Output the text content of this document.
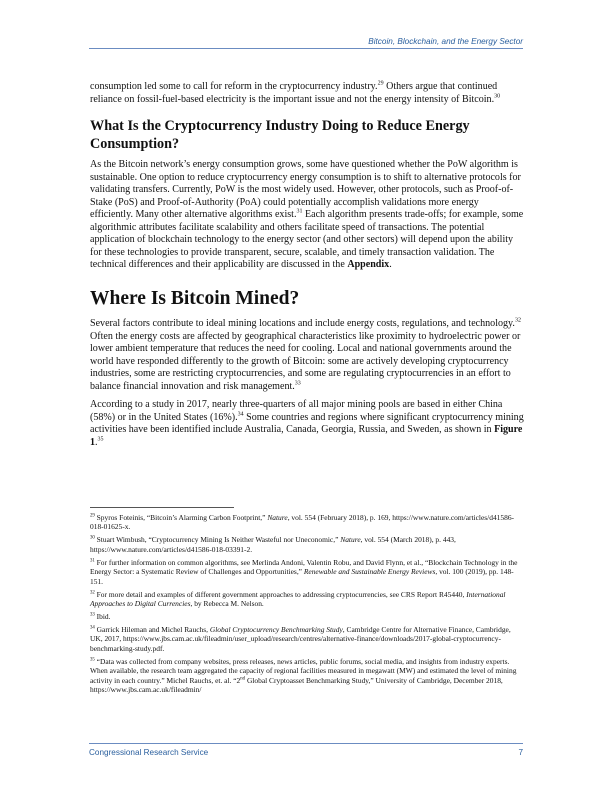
Bitcoin, Blockchain, and the Energy Sector

consumption led some to call for reform in the cryptocurrency industry.$^{29}$ Others argue that continued reliance on fossil-fuel-based electricity is the important issue and not the energy intensity of Bitcoin.$^{30}$

What Is the Cryptocurrency Industry Doing to Reduce Energy Consumption?

As the Bitcoin network’s energy consumption grows, some have questioned whether the PoW algorithm is sustainable. One option to reduce cryptocurrency energy consumption is to shift to alternative protocols for validating transfers. Currently, PoW is the most widely used. However, other protocols, such as Proof-of-Stake (PoS) and Proof-of-Authority (PoA) could potentially accomplish validations more energy efficiently. Many other alternative algorithms exist.$^{31}$ Each algorithm presents trade-offs; for example, some algorithmic attributes facilitate scalability and others facilitate speed of transactions. The potential application of blockchain technology to the energy sector (and other sectors) will depend upon the ability for these technologies to provide transparent, secure, scalable, and timely transaction validation. The technical differences and their applicability are discussed in the Appendix.

Where Is Bitcoin Mined?

Several factors contribute to ideal mining locations and include energy costs, regulations, and technology.$^{32}$ Often the energy costs are affected by geographical characteristics like proximity to hydroelectric power or lower ambient temperature that reduces the need for cooling. Local and national governments around the world have responded differently to the growth of Bitcoin: some are actively developing cryptocurrency industries, some are restricting cryptocurrencies, and some are regulating cryptocurrencies in an effort to balance financial innovation and risk management.$^{33}$

According to a study in 2017, nearly three-quarters of all major mining pools are based in either China (58%) or in the United States (16%).$^{34}$ Some countries and regions where significant cryptocurrency mining activities have been identified include Australia, Canada, Georgia, Russia, and Sweden, as shown in Figure 1.35

$^{29}$ Spyros Foteinis, “Bitcoin’s Alarming Carbon Footprint,” Nature, vol. 554 (February 2018), p. 169, https://www.nature.com/articles/d41586-018-01625-x.

$^{30}$ Stuart Wimbush, “Cryptocurrency Mining Is Neither Wasteful nor Uneconomic,” Nature, vol. 554 (March 2018), p. 443, https://www.nature.com/articles/d41586-018-03391-2.

$^{31}$ For further information on common algorithms, see Merlinda Andoni, Valentin Robu, and David Flynn, et al., “Blockchain Technology in the Energy Sector: a Systematic Review of Challenges and Opportunities,” Renewable and Sustainable Energy Reviews, vol. 100 (2019), pp. 148-151.

$^{32}$ For more detail and examples of different government approaches to addressing cryptocurrencies, see CRS Report R45440, International Approaches to Digital Currencies, by Rebecca M. Nelson.

$^{33}$ Ibid.

$^{34}$ Garrick Hileman and Michel Rauchs, Global Cryptocurrency Benchmarking Study, Cambridge Centre for Alternative Finance, Cambridge, UK, 2017, https://www.jbs.cam.ac.uk/fileadmin/user_upload/research/centres/alternative-finance/downloads/2017-global-cryptocurrency-benchmarking-study.pdf.

$^{35}$ “Data was collected from company websites, press releases, news articles, public forums, social media, and insights from industry experts. When available, the research team aggregated the capacity of regional facilities measured in megawatt (MW) and estimated the level of mining activity in each country.” Michel Rauchs, et. al. “2nd Global Cryptoasset Benchmarking Study,” University of Cambridge, December 2018, https://www.jbs.cam.ac.uk/fileadmin/

Congressional Research Service	7
